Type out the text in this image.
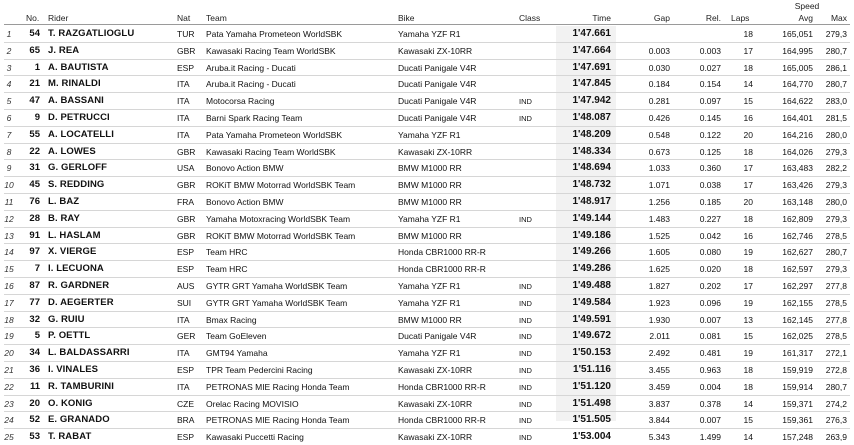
Speed
No. Rider	Nat Team	Bike	Class	Time	Gap	Rel. Laps	Avg	Max
1	54 T. RAZGATLIOGLU	TUR Pata Yamaha Prometeon WorldSBK	Yamaha YZF R1	1'47.661	18	165,051	279,3
2	65 J. REA	GBR Kawasaki Racing Team WorldSBK	Kawasaki ZX-10RR	1'47.664	0.003	0.003	17	164,995	280,7
3	1 A. BAUTISTA	ESP Aruba.it Racing - Ducati	Ducati Panigale V4R	1'47.691	0.030	0.027	18	165,005	286,1
4	21 M. RINALDI	ITA Aruba.it Racing - Ducati	Ducati Panigale V4R	1'47.845	0.184	0.154	14	164,770	280,7
5	47 A. BASSANI	ITA Motocorsa Racing	Ducati Panigale V4R	IND	1'47.942	0.281	0.097	15	164,622	283,0
6	9 D. PETRUCCI	ITA Barni Spark Racing Team	Ducati Panigale V4R	IND	1'48.087	0.426	0.145	16	164,401	281,5
7	55 A. LOCATELLI	ITA Pata Yamaha Prometeon WorldSBK	Yamaha YZF R1	1'48.209	0.548	0.122	20	164,216	280,0
8	22 A. LOWES	GBR Kawasaki Racing Team WorldSBK	Kawasaki ZX-10RR	1'48.334	0.673	0.125	18	164,026	279,3
9	31 G. GERLOFF	USA Bonovo Action BMW	BMW M1000 RR	1'48.694	1.033	0.360	17	163,483	282,2
10	45 S. REDDING	GBR ROKiT BMW Motorrad WorldSBK Team	BMW M1000 RR	1'48.732	1.071	0.038	17	163,426	279,3
11	76 L. BAZ	FRA Bonovo Action BMW	BMW M1000 RR	1'48.917	1.256	0.185	20	163,148	280,0
12	28 B. RAY	GBR Yamaha Motoxracing WorldSBK Team	Yamaha YZF R1	IND	1'49.144	1.483	0.227	18	162,809	279,3
13	91 L. HASLAM	GBR ROKiT BMW Motorrad WorldSBK Team	BMW M1000 RR	1'49.186	1.525	0.042	16	162,746	278,5
14	97 X. VIERGE	ESP Team HRC	Honda CBR1000 RR-R	1'49.266	1.605	0.080	19	162,627	280,7
15	7 I. LECUONA	ESP Team HRC	Honda CBR1000 RR-R	1'49.286	1.625	0.020	18	162,597	279,3
16	87 R. GARDNER	AUS GYTR GRT Yamaha WorldSBK Team	Yamaha YZF R1	IND	1'49.488	1.827	0.202	17	162,297	277,8
17	77 D. AEGERTER	SUI GYTR GRT Yamaha WorldSBK Team	Yamaha YZF R1	IND	1'49.584	1.923	0.096	19	162,155	278,5
18	32 G. RUIU	ITA Bmax Racing	BMW M1000 RR	IND	1'49.591	1.930	0.007	13	162,145	277,8
19	5 P. OETTL	GER Team GoEleven	Ducati Panigale V4R	IND	1'49.672	2.011	0.081	15	162,025	278,5
20	34 L. BALDASSARRI	ITA GMT94 Yamaha	Yamaha YZF R1	IND	1'50.153	2.492	0.481	19	161,317	272,1
21	36 I. VINALES	ESP TPR Team Pedercini Racing	Kawasaki ZX-10RR	IND	1'51.116	3.455	0.963	18	159,919	272,8
22	11 R. TAMBURINI	ITA PETRONAS MIE Racing Honda Team	Honda CBR1000 RR-R	IND	1'51.120	3.459	0.004	18	159,914	280,7
23	20 O. KONIG	CZE Orelac Racing MOVISIO	Kawasaki ZX-10RR	IND	1'51.498	3.837	0.378	14	159,371	274,2
24	52 E. GRANADO	BRA PETRONAS MIE Racing Honda Team	Honda CBR1000 RR-R	IND	1'51.505	3.844	0.007	15	159,361	276,3
25	53 T. RABAT	ESP Kawasaki Puccetti Racing	Kawasaki ZX-10RR	IND	1'53.004	5.343	1.499	14	157,248	263,9
